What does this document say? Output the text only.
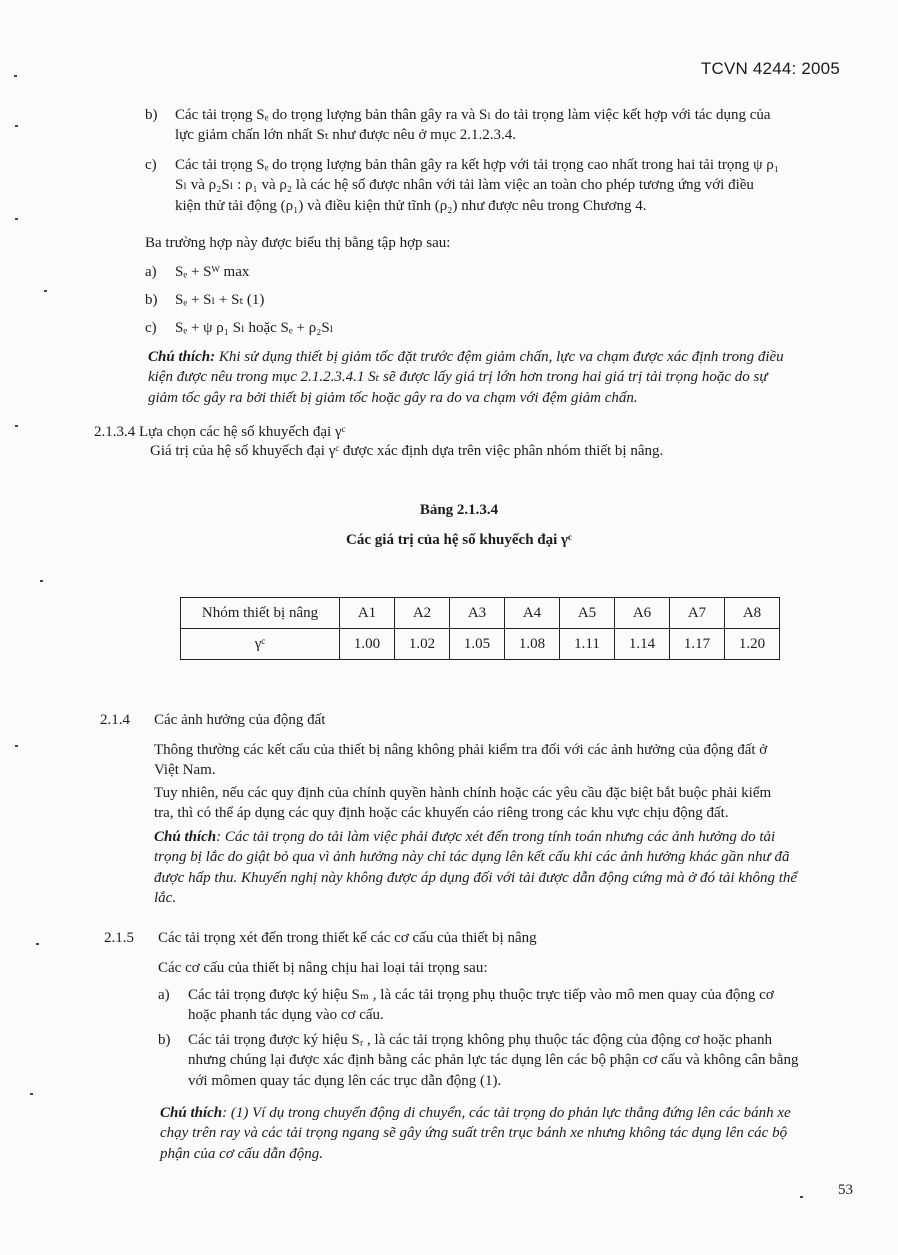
TCVN 4244: 2005
b)	Các tải trọng Sₑ do trọng lượng bản thân gây ra và Sₗ do tải trọng làm việc kết hợp với tác dụng của
lực giảm chấn lớn nhất Sₜ như được nêu ở mục 2.1.2.3.4.
c)	Các tải trọng Sₑ do trọng lượng bản thân gây ra kết hợp với tải trọng cao nhất trong hai tải trọng ψ ρ₁
Sₗ và ρ₂Sₗ : ρ₁ và ρ₂ là các hệ số được nhân với tải làm việc an toàn cho phép tương ứng với điều
kiện thử tải động (ρ₁) và điều kiện thử tĩnh (ρ₂) như được nêu trong Chương 4.
Ba trường hợp này được biểu thị bằng tập hợp sau:
a)	Sₑ + Sᵂ max
b)	Sₑ + Sₗ + Sₜ (1)
c)	Sₑ + ψ ρ₁ Sₗ hoặc Sₑ + ρ₂Sₗ
Chú thích: Khi sử dụng thiết bị giảm tốc đặt trước đệm giảm chấn, lực va chạm được xác định trong điều
kiện được nêu trong mục 2.1.2.3.4.1 Sₜ sẽ được lấy giá trị lớn hơn trong hai giá trị tải trọng hoặc do sự
giảm tốc gây ra bởi thiết bị giảm tốc hoặc gây ra do va chạm với đệm giảm chấn.
2.1.3.4 Lựa chọn các hệ số khuyếch đại γᶜ
Giá trị của hệ số khuyếch đại γᶜ được xác định dựa trên việc phân nhóm thiết bị nâng.
Bảng 2.1.3.4
Các giá trị của hệ số khuyếch đại γᶜ
Nhóm thiết bị nâng	A1	A2	A3	A4	A5	A6	A7	A8
γᶜ	1.00	1.02	1.05	1.08	1.11	1.14	1.17	1.20
2.1.4 Các ảnh hưởng của động đất
Thông thường các kết cấu của thiết bị nâng không phải kiểm tra đối với các ảnh hưởng của động đất ở
Việt Nam.
Tuy nhiên, nếu các quy định của chính quyền hành chính hoặc các yêu cầu đặc biệt bắt buộc phải kiểm
tra, thì có thể áp dụng các quy định hoặc các khuyến cáo riêng trong các khu vực chịu động đất.
Chú thích: Các tải trọng do tải làm việc phải được xét đến trong tính toán nhưng các ảnh hưởng do tải
trọng bị lắc do giật bỏ qua vì ảnh hưởng này chỉ tác dụng lên kết cấu khi các ảnh hưởng khác gần như đã
được hấp thu. Khuyến nghị này không được áp dụng đối với tải được dẫn động cứng mà ở đó tải không thể
lắc.
2.1.5 Các tải trọng xét đến trong thiết kế các cơ cấu của thiết bị nâng
Các cơ cấu của thiết bị nâng chịu hai loại tải trọng sau:
a)	Các tải trọng được ký hiệu Sₘ , là các tải trọng phụ thuộc trực tiếp vào mô men quay của động cơ
hoặc phanh tác dụng vào cơ cấu.
b)	Các tải trọng được ký hiệu Sᵣ , là các tải trọng không phụ thuộc tác động của động cơ hoặc phanh
nhưng chúng lại được xác định bằng các phản lực tác dụng lên các bộ phận cơ cấu và không cân bằng
với mômen quay tác dụng lên các trục dẫn động (1).
Chú thích: (1) Ví dụ trong chuyển động di chuyển, các tải trọng do phản lực thẳng đứng lên các bánh xe
chạy trên ray và các tải trọng ngang sẽ gây ứng suất trên trục bánh xe nhưng không tác dụng lên các bộ
phận của cơ cấu dẫn động.
53
